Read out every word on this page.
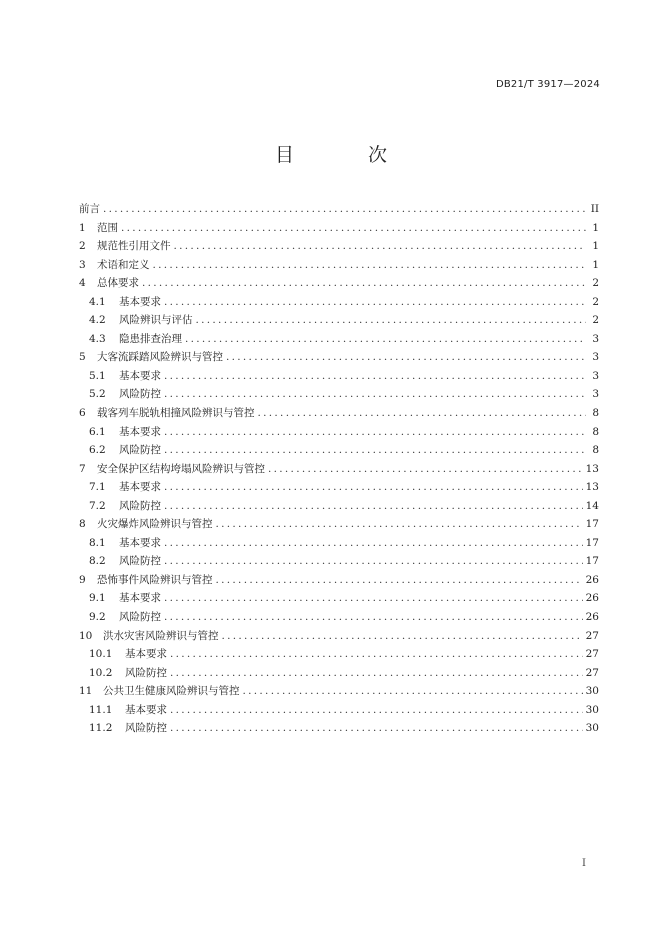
DB21/T 3917—2024
目 次
前言 .....	II
1 范围 .....	1
2 规范性引用文件 .....	1
3 术语和定义 .....	1
4 总体要求 .....	2
4.1 基本要求 .....	2
4.2 风险辨识与评估 .....	2
4.3 隐患排查治理 .....	3
5 大客流踩踏风险辨识与管控 .....	3
5.1 基本要求 .....	3
5.2 风险防控 .....	3
6 载客列车脱轨相撞风险辨识与管控 .....	8
6.1 基本要求 .....	8
6.2 风险防控 .....	8
7 安全保护区结构垮塌风险辨识与管控 .....	13
7.1 基本要求 .....	13
7.2 风险防控 .....	14
8 火灾爆炸风险辨识与管控 .....	17
8.1 基本要求 .....	17
8.2 风险防控 .....	17
9 恐怖事件风险辨识与管控 .....	26
9.1 基本要求 .....	26
9.2 风险防控 .....	26
10 洪水灾害风险辨识与管控 .....	27
10.1 基本要求 .....	27
10.2 风险防控 .....	27
11 公共卫生健康风险辨识与管控 .....	30
11.1 基本要求 .....	30
11.2 风险防控 .....	30
I
